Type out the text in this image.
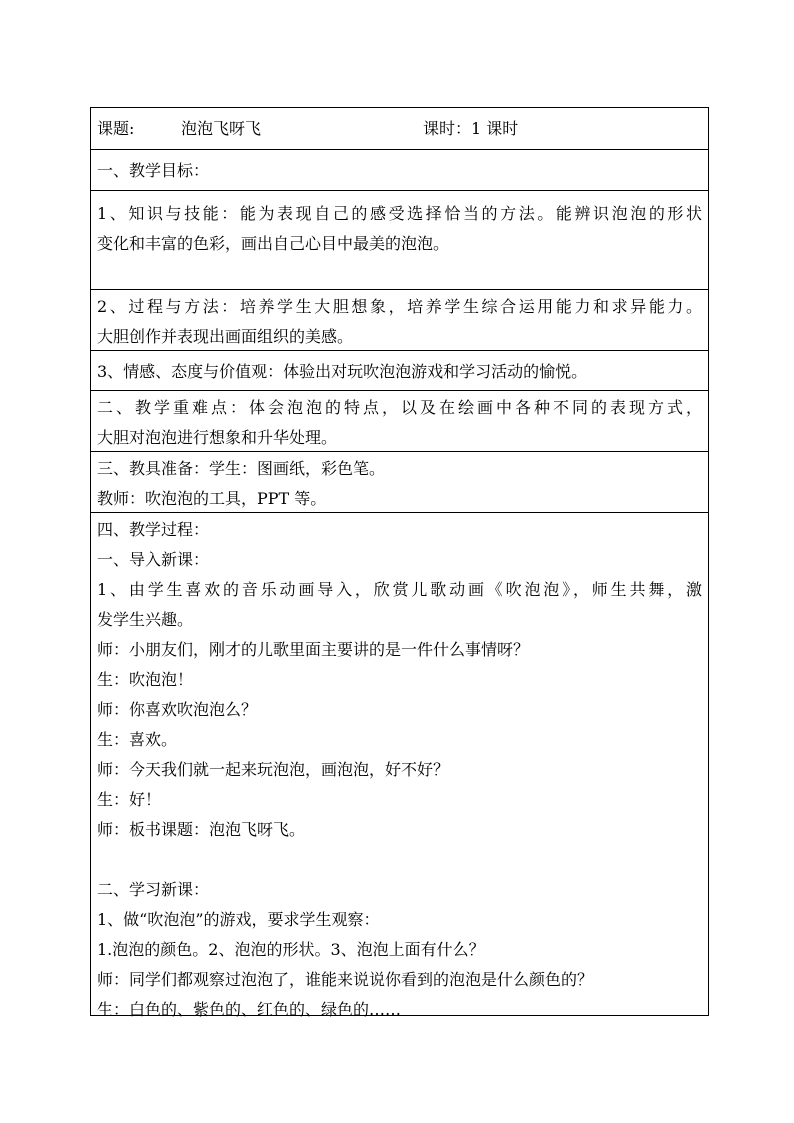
课题:	泡泡飞呀飞	课时：1 课时
一、教学目标：
1、知识与技能：能为表现自己的感受选择恰当的方法。能辨识泡泡的形状
变化和丰富的色彩，画出自己心目中最美的泡泡。
2、过程与方法：培养学生大胆想象，培养学生综合运用能力和求异能力。
大胆创作并表现出画面组织的美感。
3、情感、态度与价值观：体验出对玩吹泡泡游戏和学习活动的愉悦。
二、教学重难点：体会泡泡的特点，以及在绘画中各种不同的表现方式，
大胆对泡泡进行想象和升华处理。
三、教具准备：学生：图画纸，彩色笔。
教师：吹泡泡的工具，PPT 等。
四、教学过程：
一、导入新课：
1、由学生喜欢的音乐动画导入，欣赏儿歌动画《吹泡泡》，师生共舞，激
发学生兴趣。
师：小朋友们，刚才的儿歌里面主要讲的是一件什么事情呀？
生：吹泡泡！
师：你喜欢吹泡泡么？
生：喜欢。
师：今天我们就一起来玩泡泡，画泡泡，好不好？
生：好！
师：板书课题：泡泡飞呀飞。
二、学习新课：
1、做“吹泡泡”的游戏，要求学生观察：
1.泡泡的颜色。2、泡泡的形状。3、泡泡上面有什么？
师：同学们都观察过泡泡了，谁能来说说你看到的泡泡是什么颜色的？
生：白色的、紫色的、红色的、绿色的……
